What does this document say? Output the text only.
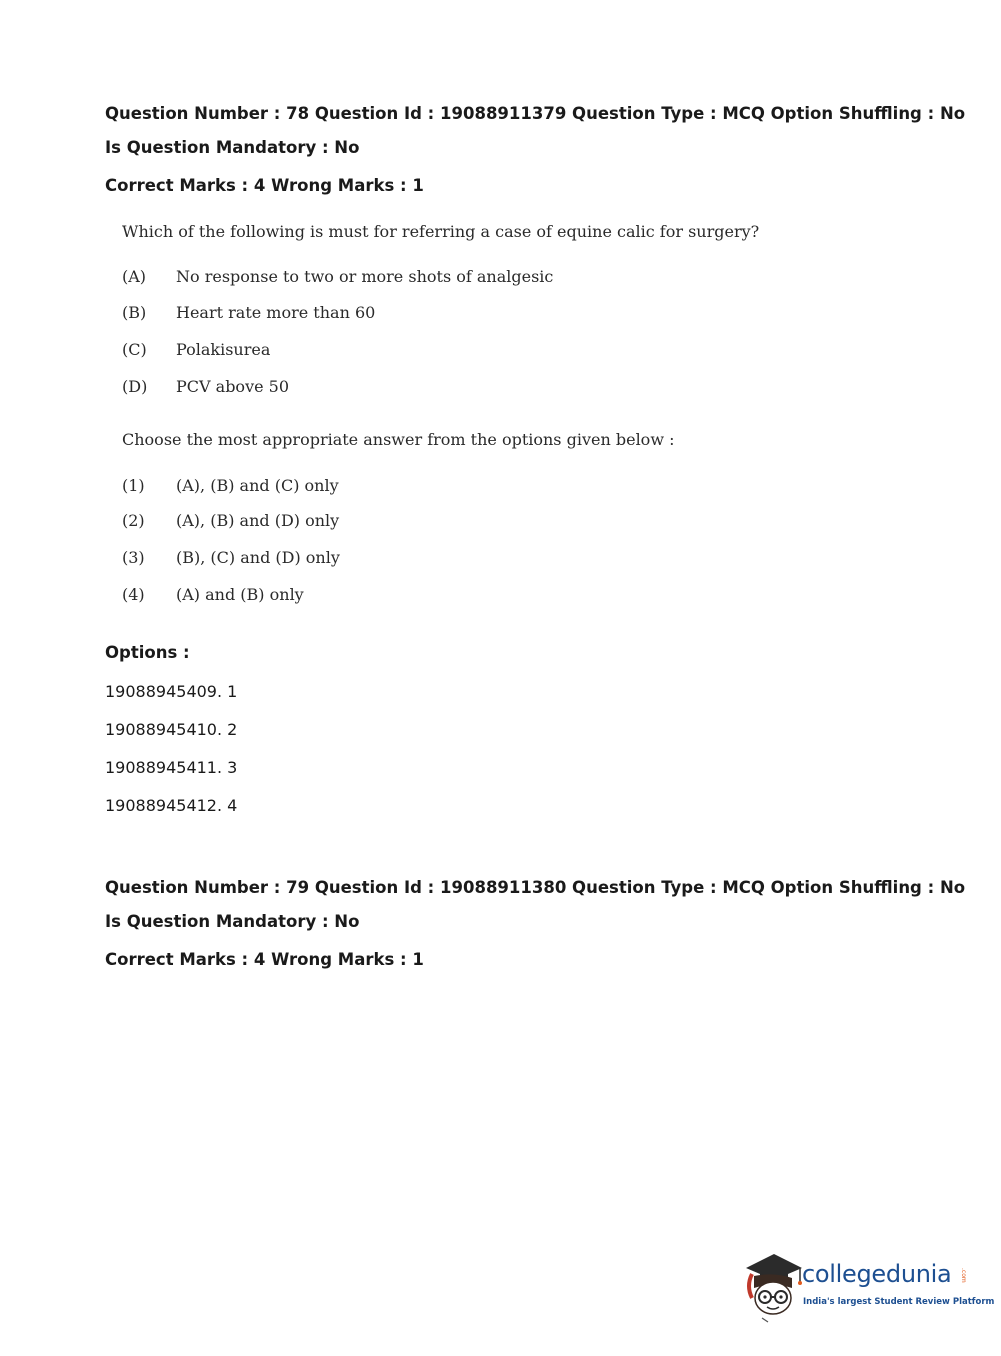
Question Number : 78 Question Id : 19088911379 Question Type : MCQ Option Shuffling : No
Is Question Mandatory : No
Correct Marks : 4 Wrong Marks : 1
Which of the following is must for referring a case of equine calic for surgery?
(A) No response to two or more shots of analgesic
(B) Heart rate more than 60
(C) Polakisurea
(D) PCV above 50
Choose the most appropriate answer from the options given below :
(1) (A), (B) and (C) only
(2) (A), (B) and (D) only
(3) (B), (C) and (D) only
(4) (A) and (B) only
Options :
19088945409. 1
19088945410. 2
19088945411. 3
19088945412. 4
Question Number : 79 Question Id : 19088911380 Question Type : MCQ Option Shuffling : No
Is Question Mandatory : No
Correct Marks : 4 Wrong Marks : 1
collegedunia .com
India's largest Student Review Platform
